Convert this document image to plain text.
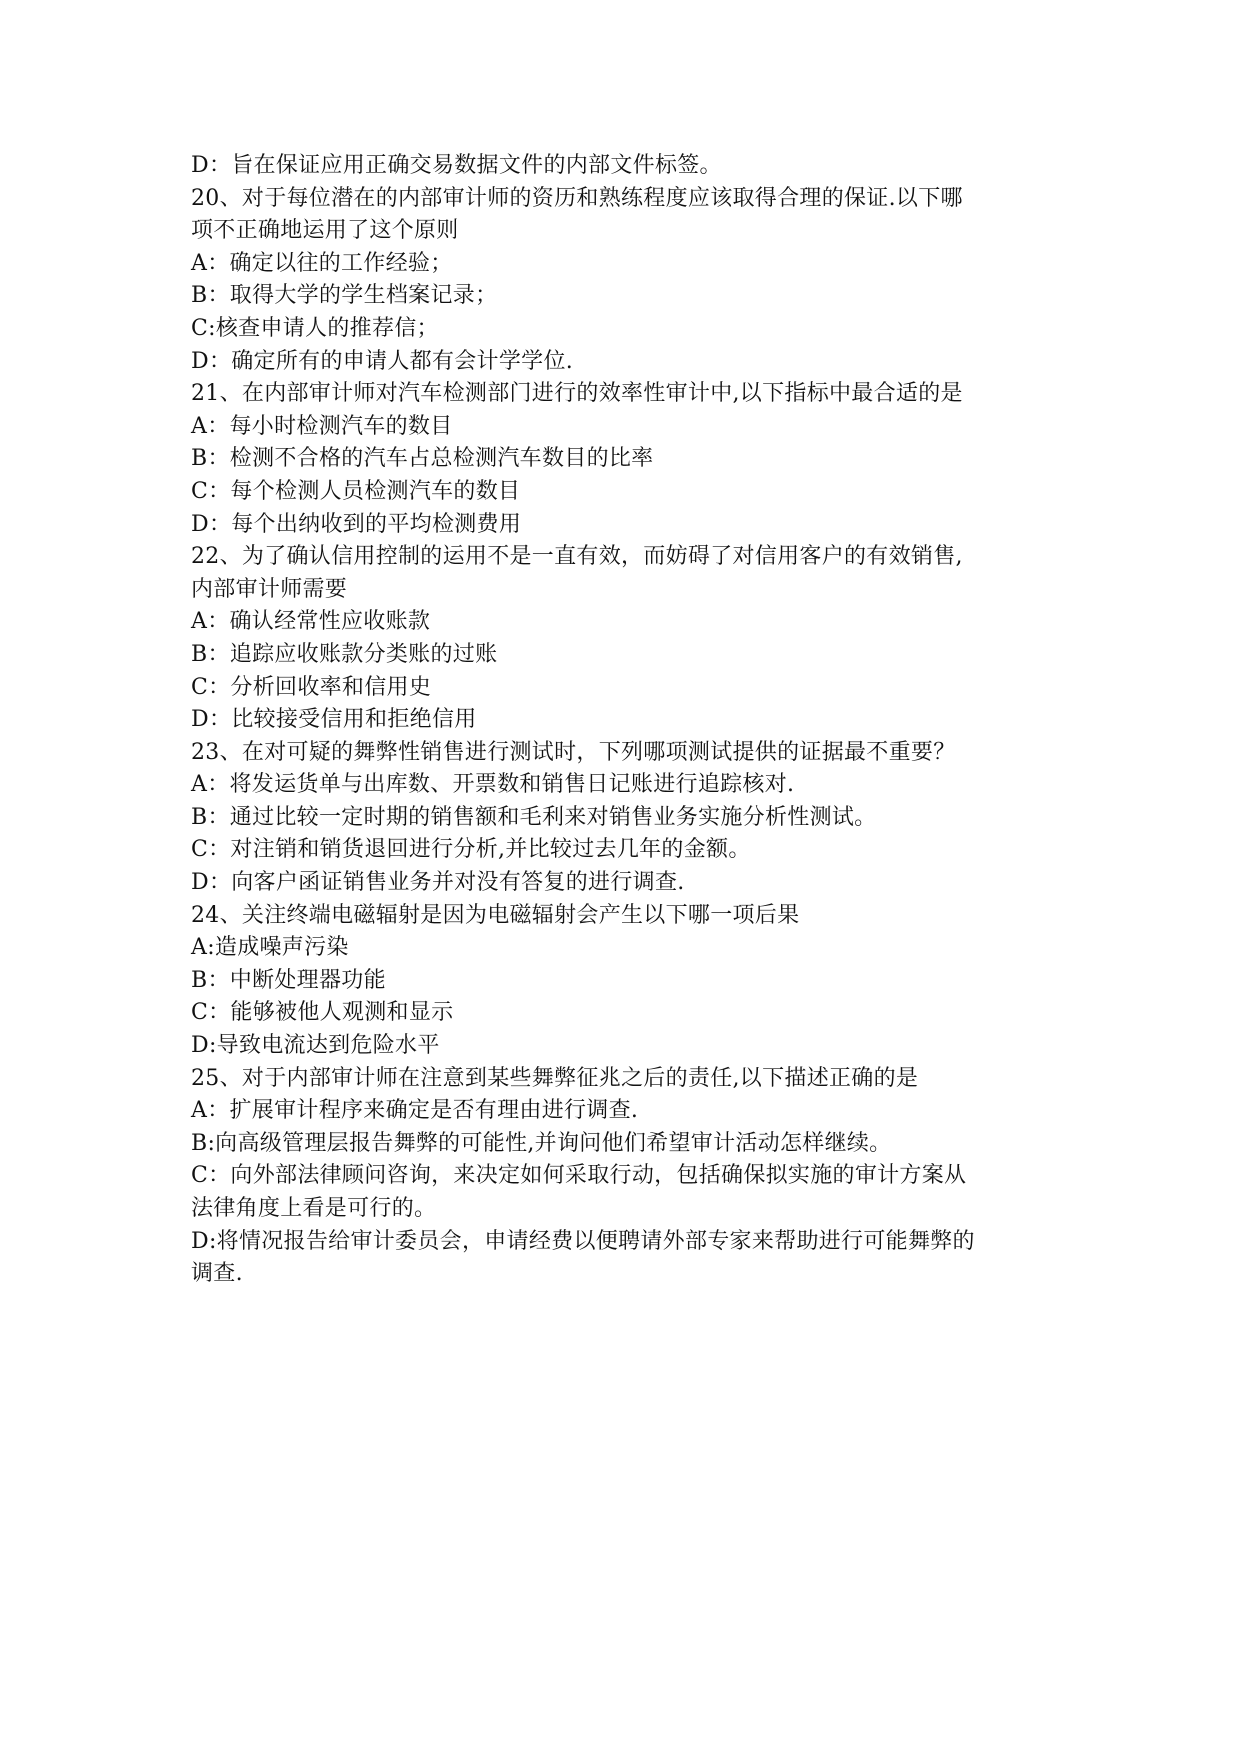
D：旨在保证应用正确交易数据文件的内部文件标签。
20、对于每位潜在的内部审计师的资历和熟练程度应该取得合理的保证.以下哪
项不正确地运用了这个原则
A：确定以往的工作经验；
B：取得大学的学生档案记录；
C:核查申请人的推荐信；
D：确定所有的申请人都有会计学学位.
21、在内部审计师对汽车检测部门进行的效率性审计中,以下指标中最合适的是
A：每小时检测汽车的数目
B：检测不合格的汽车占总检测汽车数目的比率
C：每个检测人员检测汽车的数目
D：每个出纳收到的平均检测费用
22、为了确认信用控制的运用不是一直有效，而妨碍了对信用客户的有效销售,
内部审计师需要
A：确认经常性应收账款
B：追踪应收账款分类账的过账
C：分析回收率和信用史
D：比较接受信用和拒绝信用
23、在对可疑的舞弊性销售进行测试时，下列哪项测试提供的证据最不重要？
A：将发运货单与出库数、开票数和销售日记账进行追踪核对.
B：通过比较一定时期的销售额和毛利来对销售业务实施分析性测试。
C：对注销和销货退回进行分析,并比较过去几年的金额。
D：向客户函证销售业务并对没有答复的进行调查.
24、关注终端电磁辐射是因为电磁辐射会产生以下哪一项后果
A:造成噪声污染
B：中断处理器功能
C：能够被他人观测和显示
D:导致电流达到危险水平
25、对于内部审计师在注意到某些舞弊征兆之后的责任,以下描述正确的是
A：扩展审计程序来确定是否有理由进行调查.
B:向高级管理层报告舞弊的可能性,并询问他们希望审计活动怎样继续。
C：向外部法律顾问咨询，来决定如何采取行动，包括确保拟实施的审计方案从
法律角度上看是可行的。
D:将情况报告给审计委员会，申请经费以便聘请外部专家来帮助进行可能舞弊的
调查.
